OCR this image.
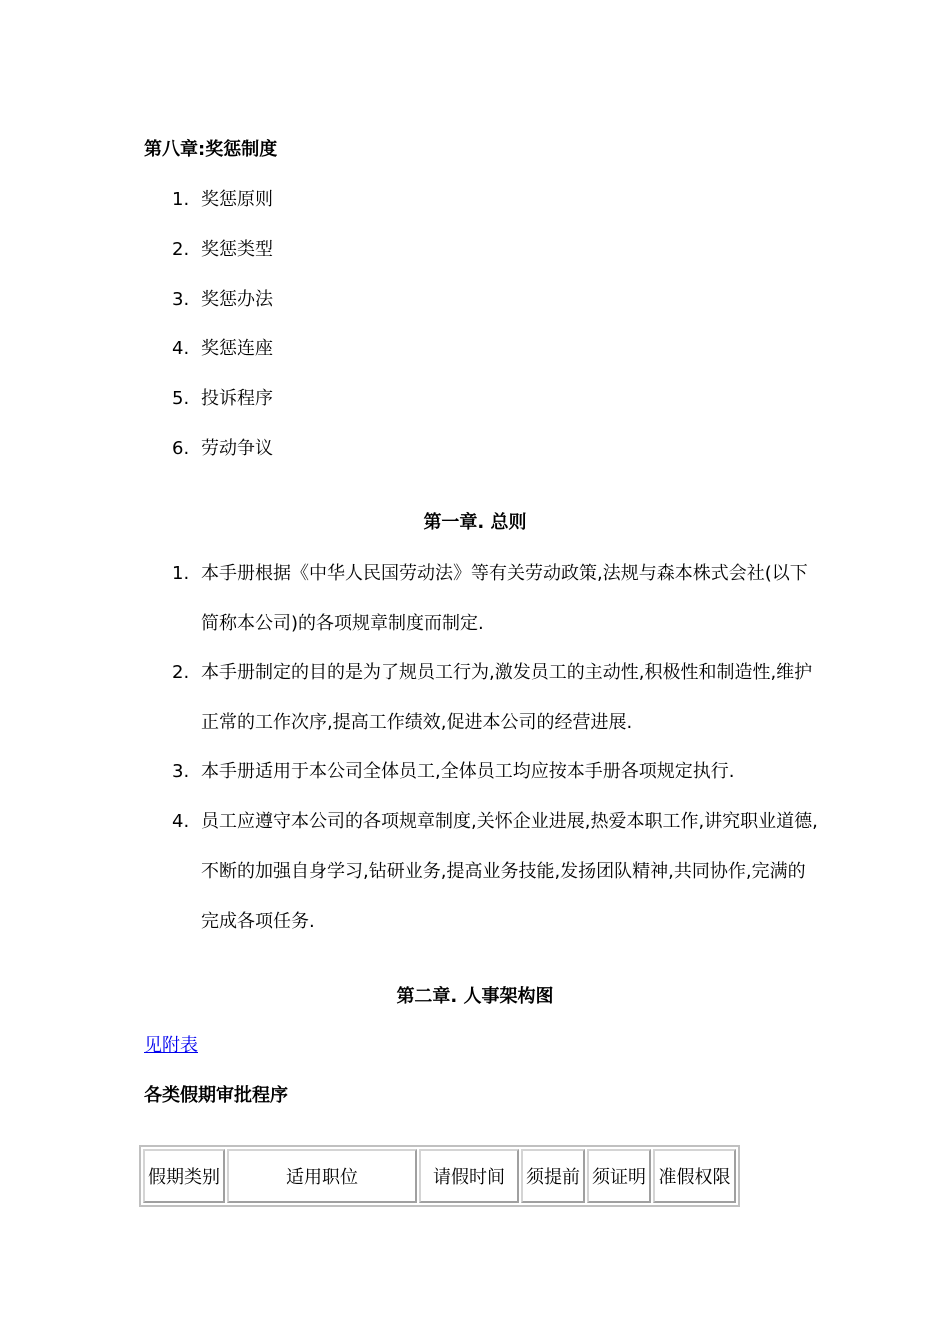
第八章:奖惩制度
1. 奖惩原则
2. 奖惩类型
3. 奖惩办法
4. 奖惩连座
5. 投诉程序
6. 劳动争议
第一章. 总则
1. 本手册根据《中华人民国劳动法》等有关劳动政策,法规与森本株式会社(以下简称本公司)的各项规章制度而制定.
2. 本手册制定的目的是为了规员工行为,激发员工的主动性,积极性和制造性,维护正常的工作次序,提高工作绩效,促进本公司的经营进展.
3. 本手册适用于本公司全体员工,全体员工均应按本手册各项规定执行.
4. 员工应遵守本公司的各项规章制度,关怀企业进展,热爱本职工作,讲究职业道德,不断的加强自身学习,钻研业务,提高业务技能,发扬团队精神,共同协作,完满的完成各项任务.
第二章. 人事架构图
见附表
各类假期审批程序
假期类别	适用职位	请假时间	须提前	须证明	准假权限
